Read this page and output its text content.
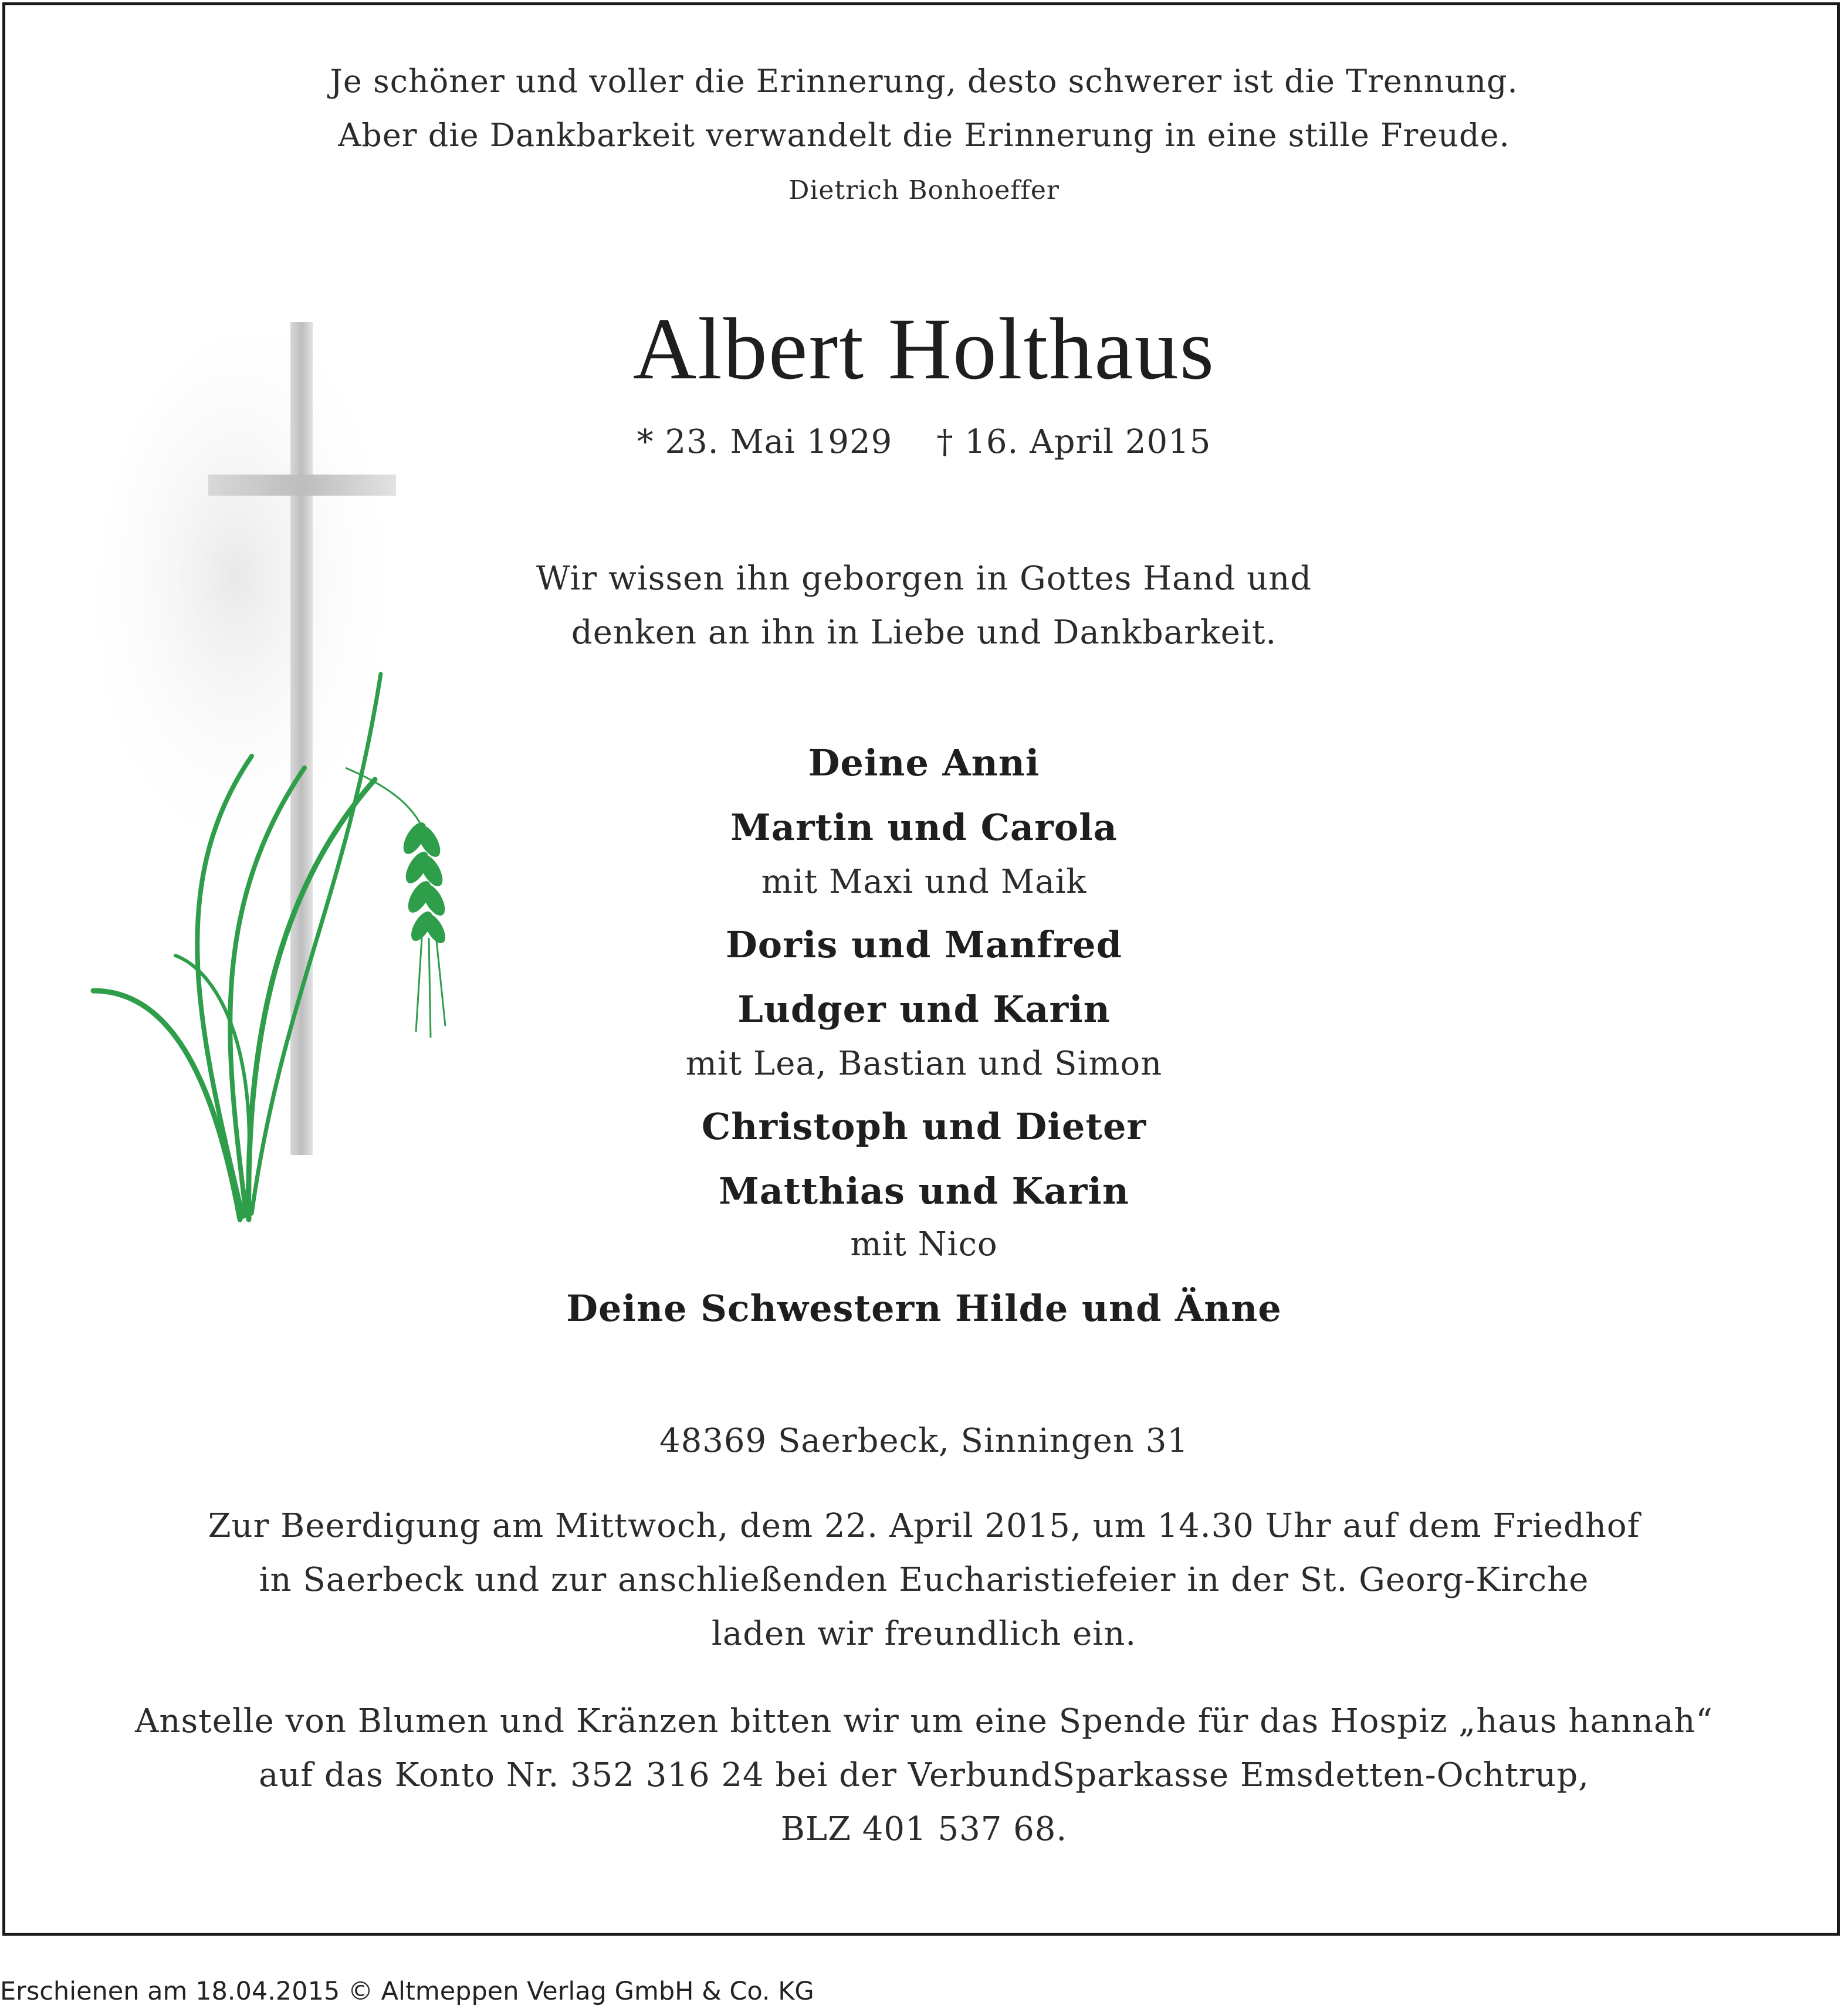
Je schöner und voller die Erinnerung, desto schwerer ist die Trennung.

Aber die Dankbarkeit verwandelt die Erinnerung in eine stille Freude.

Dietrich Bonhoeffer

Albert Holthaus

* 23. Mai 1929    † 16. April 2015

Wir wissen ihn geborgen in Gottes Hand und

denken an ihn in Liebe und Dankbarkeit.

Deine Anni

Martin und Carola

mit Maxi und Maik

Doris und Manfred

Ludger und Karin

mit Lea, Bastian und Simon

Christoph und Dieter

Matthias und Karin

mit Nico

Deine Schwestern Hilde und Änne

48369 Saerbeck, Sinningen 31

Zur Beerdigung am Mittwoch, dem 22. April 2015, um 14.30 Uhr auf dem Friedhof

in Saerbeck und zur anschließenden Eucharistiefeier in der St. Georg-Kirche

laden wir freundlich ein.

Anstelle von Blumen und Kränzen bitten wir um eine Spende für das Hospiz „haus hannah“

auf das Konto Nr. 352 316 24 bei der VerbundSparkasse Emsdetten-Ochtrup,

BLZ 401 537 68.

Erschienen am 18.04.2015 © Altmeppen Verlag GmbH & Co. KG
